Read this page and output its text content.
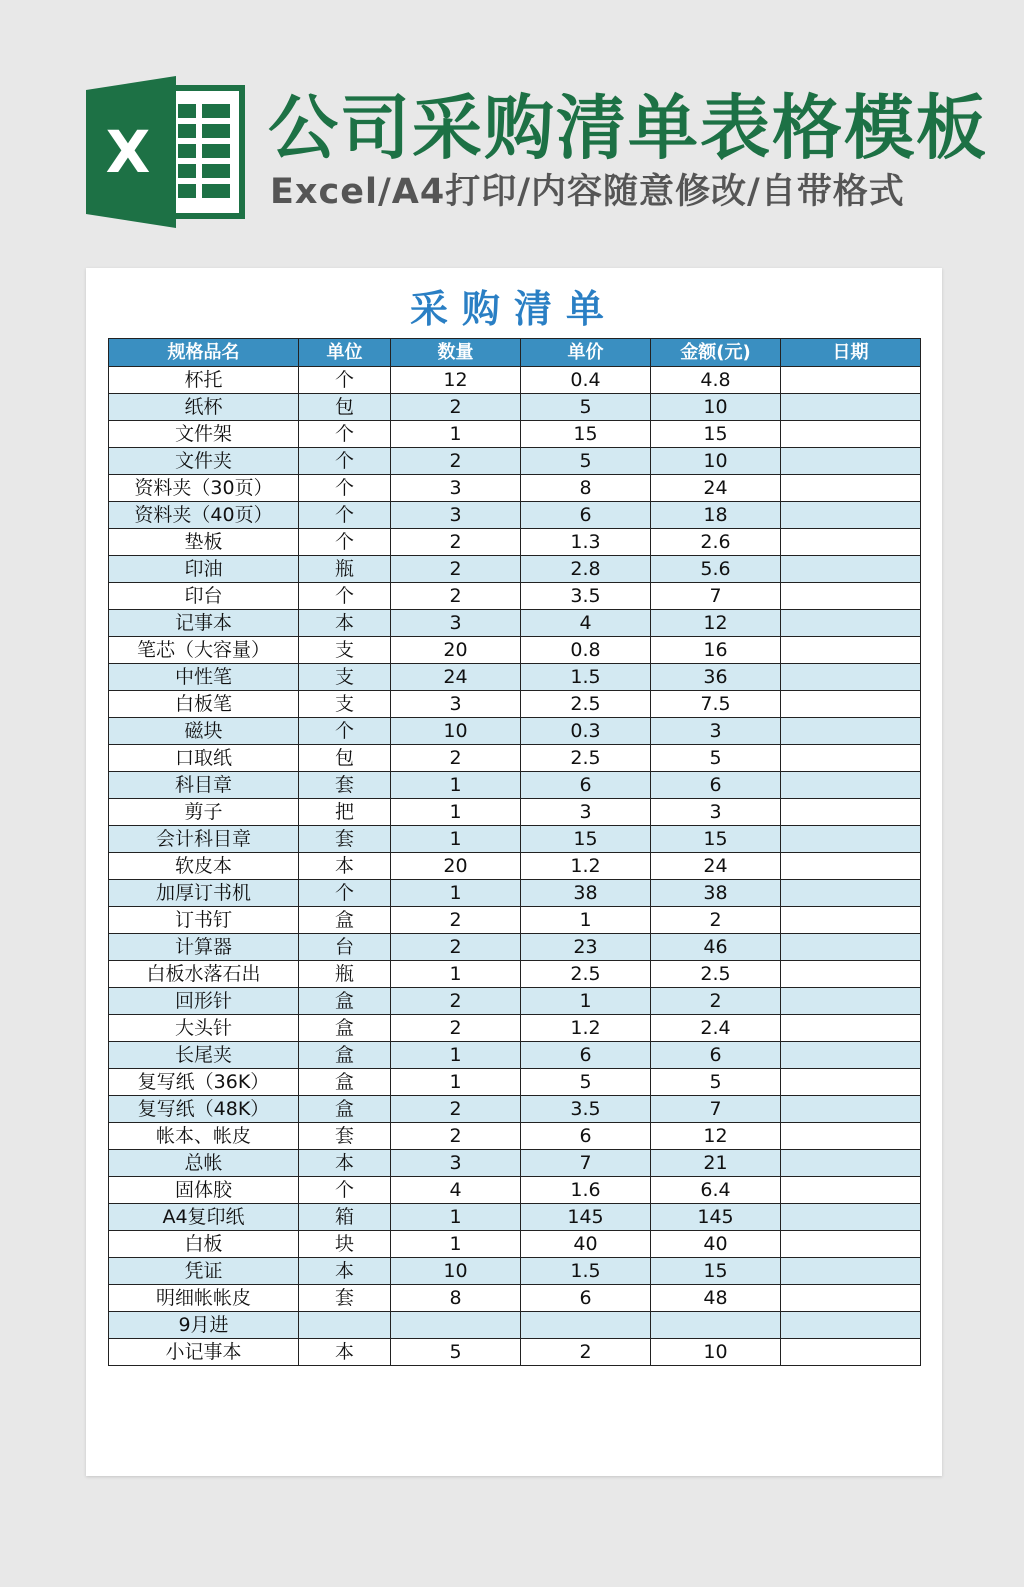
X 公司采购清单表格模板
Excel/A4打印/内容随意修改/自带格式
采购清单
规格品名	单位	数量	单价	金额(元)	日期
杯托	个	12	0.4	4.8	
纸杯	包	2	5	10	
文件架	个	1	15	15	
文件夹	个	2	5	10	
资料夹（30页）	个	3	8	24	
资料夹（40页）	个	3	6	18	
垫板	个	2	1.3	2.6	
印油	瓶	2	2.8	5.6	
印台	个	2	3.5	7	
记事本	本	3	4	12	
笔芯（大容量）	支	20	0.8	16	
中性笔	支	24	1.5	36	
白板笔	支	3	2.5	7.5	
磁块	个	10	0.3	3	
口取纸	包	2	2.5	5	
科目章	套	1	6	6	
剪子	把	1	3	3	
会计科目章	套	1	15	15	
软皮本	本	20	1.2	24	
加厚订书机	个	1	38	38	
订书钉	盒	2	1	2	
计算器	台	2	23	46	
白板水落石出	瓶	1	2.5	2.5	
回形针	盒	2	1	2	
大头针	盒	2	1.2	2.4	
长尾夹	盒	1	6	6	
复写纸（36K）	盒	1	5	5	
复写纸（48K）	盒	2	3.5	7	
帐本、帐皮	套	2	6	12	
总帐	本	3	7	21	
固体胶	个	4	1.6	6.4	
A4复印纸	箱	1	145	145	
白板	块	1	40	40	
凭证	本	10	1.5	15	
明细帐帐皮	套	8	6	48	
9月进					
小记事本	本	5	2	10	
